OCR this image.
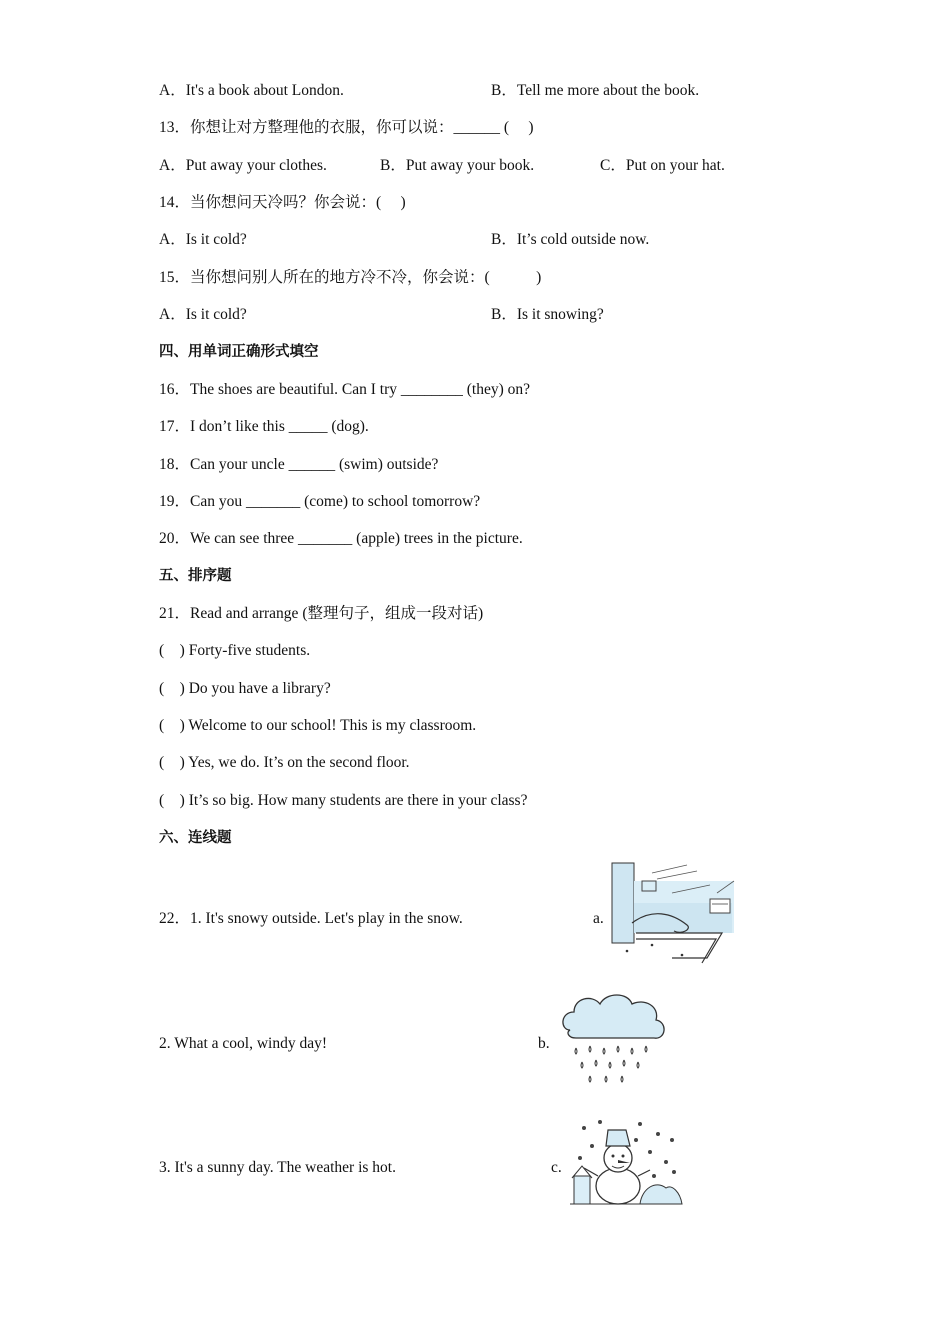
A．It's a book about London.	B．Tell me more about the book.
13．你想让对方整理他的衣服，你可以说：______ (　 )
A．Put away your clothes.	B．Put away your book.	C．Put on your hat.
14．当你想问天冷吗？你会说：(　 )
A．Is it cold?	B．It’s cold outside now.
15．当你想问别人所在的地方冷不冷，你会说：(　　　)
A．Is it cold?	B．Is it snowing?
四、用单词正确形式填空
16．The shoes are beautiful. Can I try ________ (they) on?
17．I don’t like this _____ (dog).
18．Can your uncle ______ (swim) outside?
19．Can you _______ (come) to school tomorrow?
20．We can see three _______ (apple) trees in the picture.
五、排序题
21．Read and arrange (整理句子，组成一段对话)
(　) Forty-five students.
(　) Do you have a library?
(　) Welcome to our school! This is my classroom.
(　) Yes, we do. It’s on the second floor.
(　) It’s so big. How many students are there in your class?
六、连线题
22．1. It's snowy outside. Let's play in the snow.	a.
2. What a cool, windy day!	b.
3. It's a sunny day. The weather is hot.	c.
